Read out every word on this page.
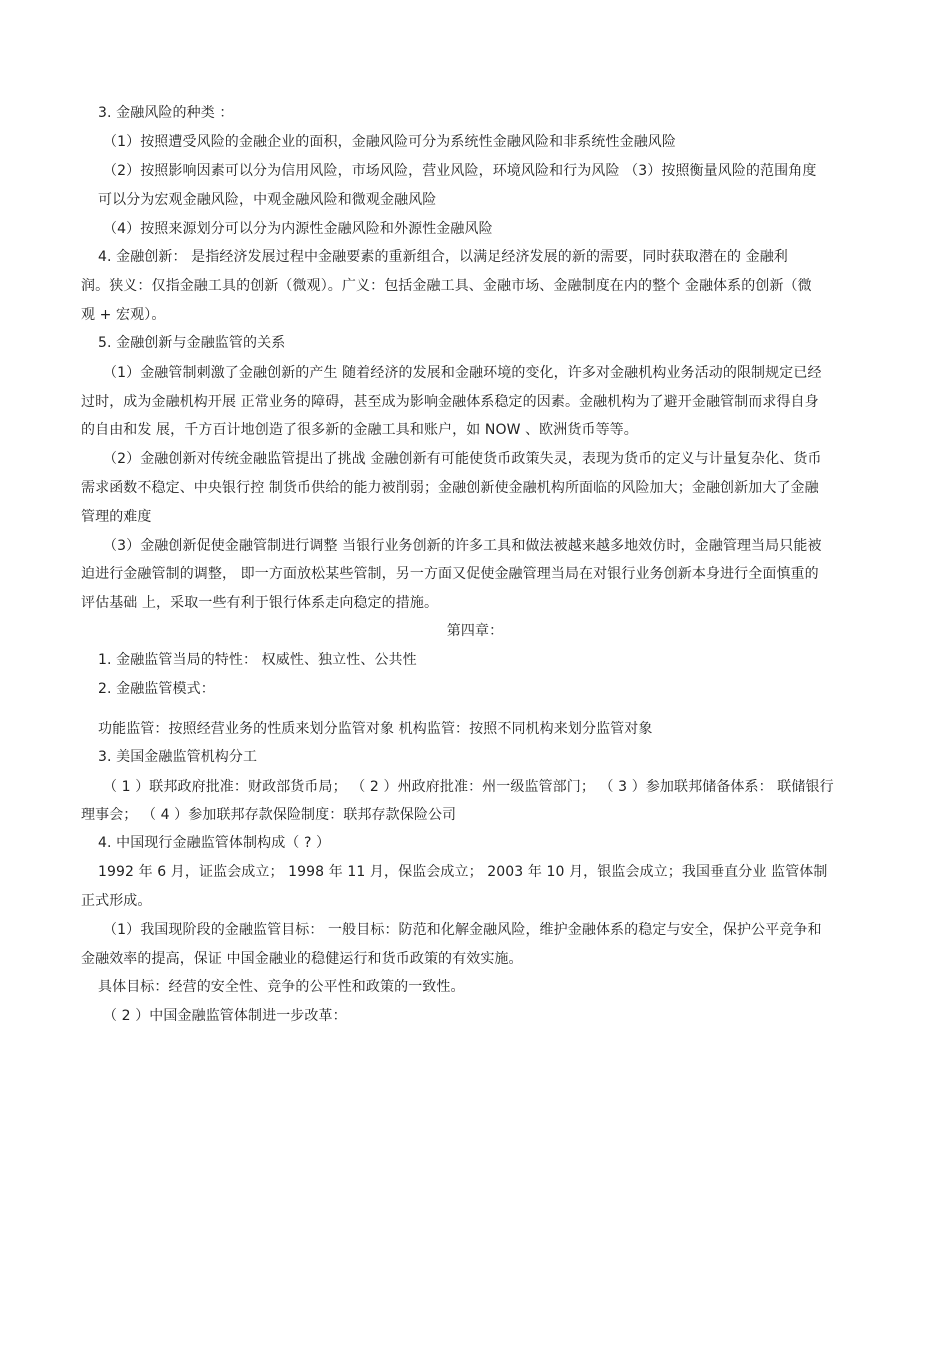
3. 金融风险的种类 ：
（1）按照遭受风险的金融企业的面积，金融风险可分为系统性金融风险和非系统性金融风险
（2）按照影响因素可以分为信用风险，市场风险，营业风险，环境风险和行为风险 （3）按照衡量风险的范围角度
可以分为宏观金融风险，中观金融风险和微观金融风险
（4）按照来源划分可以分为内源性金融风险和外源性金融风险
4. 金融创新： 是指经济发展过程中金融要素的重新组合，以满足经济发展的新的需要，同时获取潜在的 金融利
润。狭义：仅指金融工具的创新（微观）。广义：包括金融工具、金融市场、金融制度在内的整个 金融体系的创新（微
观 + 宏观）。
5. 金融创新与金融监管的关系
（1）金融管制刺激了金融创新的产生 随着经济的发展和金融环境的变化，许多对金融机构业务活动的限制规定已经
过时，成为金融机构开展 正常业务的障碍，甚至成为影响金融体系稳定的因素。金融机构为了避开金融管制而求得自身
的自由和发 展，千方百计地创造了很多新的金融工具和账户，如 NOW 、欧洲货币等等。
（2）金融创新对传统金融监管提出了挑战 金融创新有可能使货币政策失灵，表现为货币的定义与计量复杂化、货币
需求函数不稳定、中央银行控 制货币供给的能力被削弱；金融创新使金融机构所面临的风险加大；金融创新加大了金融
管理的难度
（3）金融创新促使金融管制进行调整 当银行业务创新的许多工具和做法被越来越多地效仿时，金融管理当局只能被
迫进行金融管制的调整， 即一方面放松某些管制，另一方面又促使金融管理当局在对银行业务创新本身进行全面慎重的
评估基础 上，采取一些有利于银行体系走向稳定的措施。
第四章：
1. 金融监管当局的特性： 权威性、独立性、公共性
2. 金融监管模式：
功能监管：按照经营业务的性质来划分监管对象 机构监管：按照不同机构来划分监管对象
3. 美国金融监管机构分工
（ 1 ）联邦政府批准：财政部货币局； （ 2 ）州政府批准：州一级监管部门； （ 3 ）参加联邦储备体系： 联储银行
理事会； （ 4 ）参加联邦存款保险制度：联邦存款保险公司
4. 中国现行金融监管体制构成（ ? ）
1992 年 6 月，证监会成立； 1998 年 11 月，保监会成立； 2003 年 10 月，银监会成立；我国垂直分业 监管体制
正式形成。
（1）我国现阶段的金融监管目标： 一般目标：防范和化解金融风险，维护金融体系的稳定与安全，保护公平竞争和
金融效率的提高，保证 中国金融业的稳健运行和货币政策的有效实施。
具体目标：经营的安全性、竞争的公平性和政策的一致性。
（ 2 ）中国金融监管体制进一步改革：
